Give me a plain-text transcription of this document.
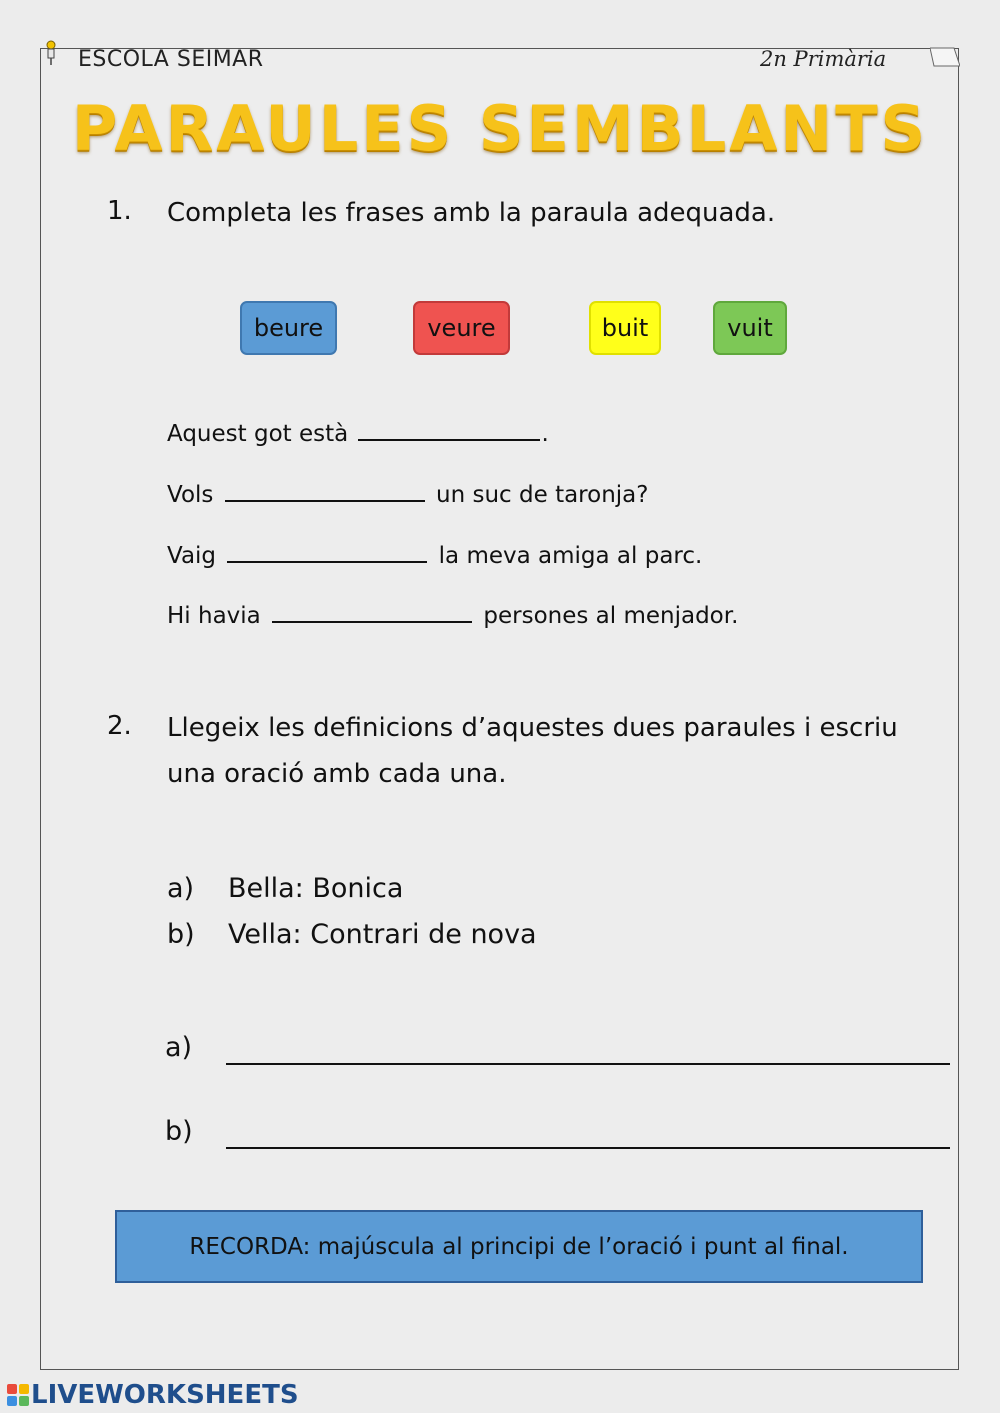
ESCOLA SEIMAR	2n Primària
PARAULES SEMBLANTS
1. Completa les frases amb la paraula adequada.
beure	veure	buit	vuit
Aquest got està	.
Vols	un suc de taronja?
Vaig	la meva amiga al parc.
Hi havia	persones al menjador.
2. Llegeix les definicions d’aquestes dues paraules i escriu
una oració amb cada una.
a) Bella: Bonica
b) Vella: Contrari de nova
a)
b)
RECORDA: majúscula al principi de l’oració i punt al final.
LIVEWORKSHEETS
